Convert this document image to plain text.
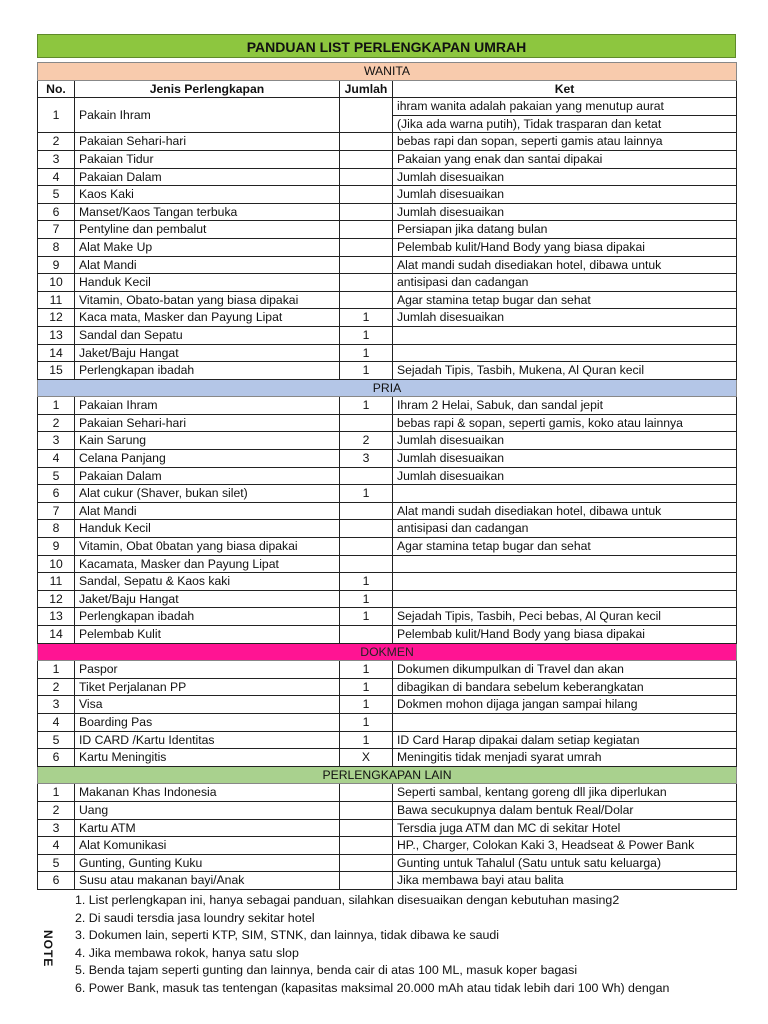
PANDUAN LIST PERLENGKAPAN UMRAH
WANITA			
No.	Jenis Perlengkapan	Jumlah	Ket
1	Pakain Ihram		ihram wanita adalah pakaian yang menutup aurat
			(Jika ada warna putih), Tidak trasparan dan ketat
2	Pakaian Sehari-hari		bebas rapi dan sopan, seperti gamis atau lainnya
3	Pakaian Tidur		Pakaian yang enak dan santai dipakai
4	Pakaian Dalam		Jumlah disesuaikan
5	Kaos Kaki		Jumlah disesuaikan
6	Manset/Kaos Tangan terbuka		Jumlah disesuaikan
7	Pentyline dan pembalut		Persiapan jika datang bulan
8	Alat Make Up		Pelembab kulit/Hand Body yang biasa dipakai
9	Alat Mandi		Alat mandi sudah disediakan hotel, dibawa untuk
10	Handuk Kecil		antisipasi dan cadangan
11	Vitamin, Obato-batan yang biasa dipakai		Agar stamina tetap bugar dan sehat
12	Kaca mata, Masker dan Payung Lipat	1	Jumlah disesuaikan
13	Sandal dan Sepatu	1	
14	Jaket/Baju Hangat	1	
15	Perlengkapan ibadah	1	Sejadah Tipis, Tasbih, Mukena, Al Quran kecil
PRIA			
1	Pakaian Ihram	1	Ihram 2 Helai, Sabuk, dan sandal jepit
2	Pakaian Sehari-hari		bebas rapi & sopan, seperti gamis, koko atau lainnya
3	Kain Sarung	2	Jumlah disesuaikan
4	Celana Panjang	3	Jumlah disesuaikan
5	Pakaian Dalam		Jumlah disesuaikan
6	Alat cukur (Shaver, bukan silet)	1	
7	Alat Mandi		Alat mandi sudah disediakan hotel, dibawa untuk
8	Handuk Kecil		antisipasi dan cadangan
9	Vitamin, Obat 0batan yang biasa dipakai		Agar stamina tetap bugar dan sehat
10	Kacamata, Masker dan Payung Lipat		
11	Sandal, Sepatu & Kaos kaki	1	
12	Jaket/Baju Hangat	1	
13	Perlengkapan ibadah	1	Sejadah Tipis, Tasbih, Peci bebas, Al Quran kecil
14	Pelembab Kulit		Pelembab kulit/Hand Body yang biasa dipakai
DOKMEN			
1	Paspor	1	Dokumen dikumpulkan di Travel dan akan
2	Tiket Perjalanan PP	1	dibagikan di bandara sebelum keberangkatan
3	Visa	1	Dokmen mohon dijaga jangan sampai hilang
4	Boarding Pas	1	
5	ID CARD /Kartu Identitas	1	ID Card Harap dipakai dalam setiap kegiatan
6	Kartu Meningitis	X	Meningitis tidak menjadi syarat umrah
PERLENGKAPAN LAIN			
1	Makanan Khas Indonesia		Seperti sambal, kentang goreng dll jika diperlukan
2	Uang		Bawa secukupnya dalam bentuk Real/Dolar
3	Kartu ATM		Tersdia juga ATM dan MC di sekitar Hotel
4	Alat Komunikasi		HP., Charger, Colokan Kaki 3, Headseat & Power Bank
5	Gunting, Gunting Kuku		Gunting untuk Tahalul (Satu untuk satu keluarga)
6	Susu atau makanan bayi/Anak		Jika membawa bayi atau balita
NOTE
1. List perlengkapan ini, hanya sebagai panduan, silahkan disesuaikan dengan kebutuhan masing2
2. Di saudi tersdia jasa loundry sekitar hotel
3. Dokumen lain, seperti KTP, SIM, STNK, dan lainnya, tidak dibawa ke saudi
4. Jika membawa rokok, hanya satu slop
5. Benda tajam seperti gunting dan lainnya, benda cair di atas 100 ML, masuk koper bagasi
6. Power Bank, masuk tas tentengan (kapasitas maksimal 20.000 mAh atau tidak lebih dari 100 Wh) dengan
